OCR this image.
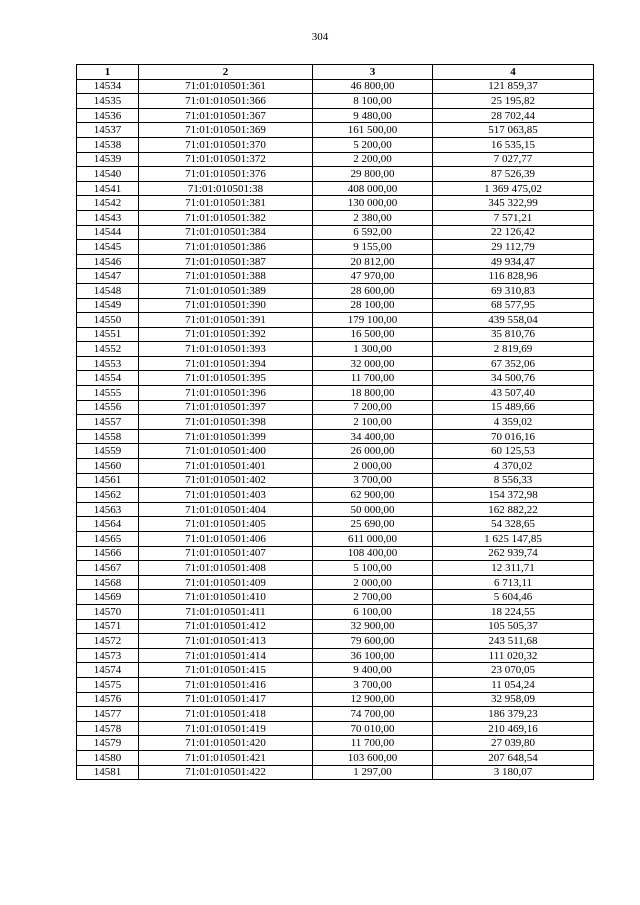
304
1	2	3	4
14534	71:01:010501:361	46 800,00	121 859,37
14535	71:01:010501:366	8 100,00	25 195,82
14536	71:01:010501:367	9 480,00	28 702,44
14537	71:01:010501:369	161 500,00	517 063,85
14538	71:01:010501:370	5 200,00	16 535,15
14539	71:01:010501:372	2 200,00	7 027,77
14540	71:01:010501:376	29 800,00	87 526,39
14541	71:01:010501:38	408 000,00	1 369 475,02
14542	71:01:010501:381	130 000,00	345 322,99
14543	71:01:010501:382	2 380,00	7 571,21
14544	71:01:010501:384	6 592,00	22 126,42
14545	71:01:010501:386	9 155,00	29 112,79
14546	71:01:010501:387	20 812,00	49 934,47
14547	71:01:010501:388	47 970,00	116 828,96
14548	71:01:010501:389	28 600,00	69 310,83
14549	71:01:010501:390	28 100,00	68 577,95
14550	71:01:010501:391	179 100,00	439 558,04
14551	71:01:010501:392	16 500,00	35 810,76
14552	71:01:010501:393	1 300,00	2 819,69
14553	71:01:010501:394	32 000,00	67 352,06
14554	71:01:010501:395	11 700,00	34 500,76
14555	71:01:010501:396	18 800,00	43 507,40
14556	71:01:010501:397	7 200,00	15 489,66
14557	71:01:010501:398	2 100,00	4 359,02
14558	71:01:010501:399	34 400,00	70 016,16
14559	71:01:010501:400	26 000,00	60 125,53
14560	71:01:010501:401	2 000,00	4 370,02
14561	71:01:010501:402	3 700,00	8 556,33
14562	71:01:010501:403	62 900,00	154 372,98
14563	71:01:010501:404	50 000,00	162 882,22
14564	71:01:010501:405	25 690,00	54 328,65
14565	71:01:010501:406	611 000,00	1 625 147,85
14566	71:01:010501:407	108 400,00	262 939,74
14567	71:01:010501:408	5 100,00	12 311,71
14568	71:01:010501:409	2 000,00	6 713,11
14569	71:01:010501:410	2 700,00	5 604,46
14570	71:01:010501:411	6 100,00	18 224,55
14571	71:01:010501:412	32 900,00	105 505,37
14572	71:01:010501:413	79 600,00	243 511,68
14573	71:01:010501:414	36 100,00	111 020,32
14574	71:01:010501:415	9 400,00	23 070,05
14575	71:01:010501:416	3 700,00	11 054,24
14576	71:01:010501:417	12 900,00	32 958,09
14577	71:01:010501:418	74 700,00	186 379,23
14578	71:01:010501:419	70 010,00	210 469,16
14579	71:01:010501:420	11 700,00	27 039,80
14580	71:01:010501:421	103 600,00	207 648,54
14581	71:01:010501:422	1 297,00	3 180,07
